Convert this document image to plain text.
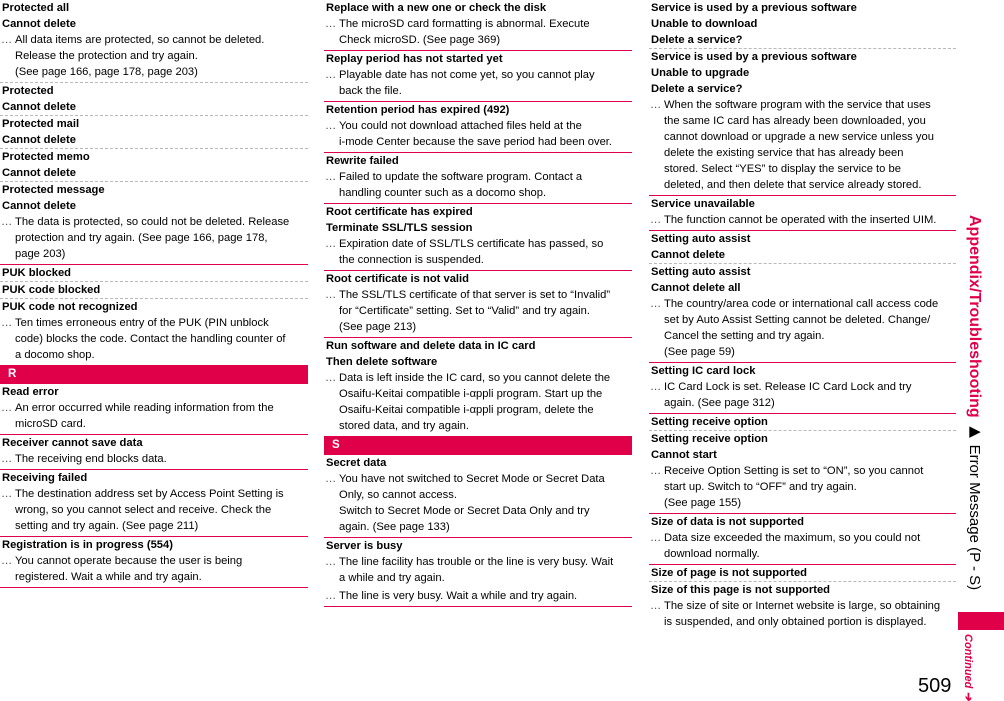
Protected all
Cannot delete
… All data items are protected, so cannot be deleted.
Release the protection and try again.
(See page 166, page 178, page 203)
Protected
Cannot delete
Protected mail
Cannot delete
Protected memo
Cannot delete
Protected message
Cannot delete
… The data is protected, so could not be deleted. Release
protection and try again. (See page 166, page 178,
page 203)
PUK blocked
PUK code blocked
PUK code not recognized
… Ten times erroneous entry of the PUK (PIN unblock
code) blocks the code. Contact the handling counter of
a docomo shop.
R
Read error
… An error occurred while reading information from the
microSD card.
Receiver cannot save data
… The receiving end blocks data.
Receiving failed
… The destination address set by Access Point Setting is
wrong, so you cannot select and receive. Check the
setting and try again. (See page 211)
Registration is in progress (554)
… You cannot operate because the user is being
registered. Wait a while and try again.
Replace with a new one or check the disk
… The microSD card formatting is abnormal. Execute
Check microSD. (See page 369)
Replay period has not started yet
… Playable date has not come yet, so you cannot play
back the file.
Retention period has expired (492)
… You could not download attached files held at the
i-mode Center because the save period had been over.
Rewrite failed
… Failed to update the software program. Contact a
handling counter such as a docomo shop.
Root certificate has expired
Terminate SSL/TLS session
… Expiration date of SSL/TLS certificate has passed, so
the connection is suspended.
Root certificate is not valid
… The SSL/TLS certificate of that server is set to “Invalid”
for “Certificate” setting. Set to “Valid” and try again.
(See page 213)
Run software and delete data in IC card
Then delete software
… Data is left inside the IC card, so you cannot delete the
Osaifu-Keitai compatible i-αppli program. Start up the
Osaifu-Keitai compatible i-αppli program, delete the
stored data, and try again.
S
Secret data
… You have not switched to Secret Mode or Secret Data
Only, so cannot access.
Switch to Secret Mode or Secret Data Only and try
again. (See page 133)
Server is busy
… The line facility has trouble or the line is very busy. Wait
a while and try again.
… The line is very busy. Wait a while and try again.
Service is used by a previous software
Unable to download
Delete a service?
Service is used by a previous software
Unable to upgrade
Delete a service?
… When the software program with the service that uses
the same IC card has already been downloaded, you
cannot download or upgrade a new service unless you
delete the existing service that has already been
stored. Select “YES” to display the service to be
deleted, and then delete that service already stored.
Service unavailable
… The function cannot be operated with the inserted UIM.
Setting auto assist
Cannot delete
Setting auto assist
Cannot delete all
… The country/area code or international call access code
set by Auto Assist Setting cannot be deleted. Change/
Cancel the setting and try again.
(See page 59)
Setting IC card lock
… IC Card Lock is set. Release IC Card Lock and try
again. (See page 312)
Setting receive option
Setting receive option
Cannot start
… Receive Option Setting is set to “ON”, so you cannot
start up. Switch to “OFF” and try again.
(See page 155)
Size of data is not supported
… Data size exceeded the maximum, so you could not
download normally.
Size of page is not supported
Size of this page is not supported
… The size of site or Internet website is large, so obtaining
is suspended, and only obtained portion is displayed.
Appendix/Troubleshooting ▶ Error Message (P - S)
Continued ➔
509
